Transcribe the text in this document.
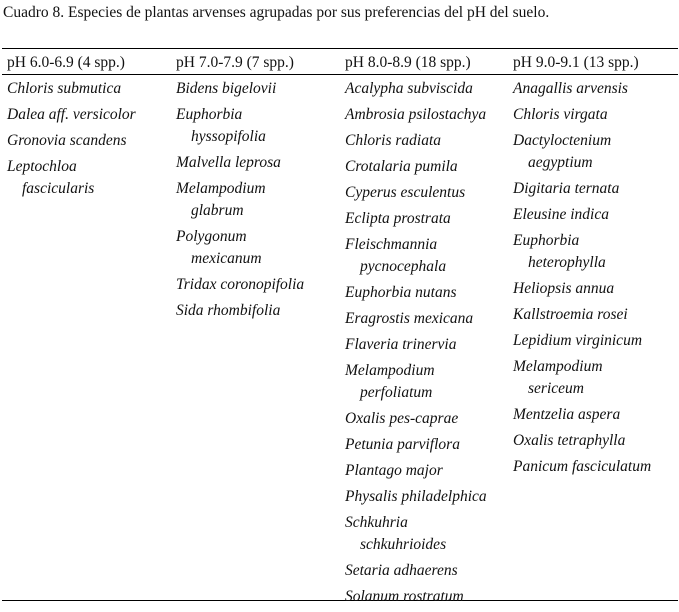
Cuadro 8. Especies de plantas arvenses agrupadas por sus preferencias del pH del suelo.
pH 6.0-6.9 (4 spp.)
Chloris submutica
Dalea aff. versicolor
Gronovia scandens
Leptochloa
fascicularis
pH 7.0-7.9 (7 spp.)
Bidens bigelovii
Euphorbia
hyssopifolia
Malvella leprosa
Melampodium
glabrum
Polygonum
mexicanum
Tridax coronopifolia
Sida rhombifolia
pH 8.0-8.9 (18 spp.)
Acalypha subviscida
Ambrosia psilostachya
Chloris radiata
Crotalaria pumila
Cyperus esculentus
Eclipta prostrata
Fleischmannia
pycnocephala
Euphorbia nutans
Eragrostis mexicana
Flaveria trinervia
Melampodium
perfoliatum
Oxalis pes-caprae
Petunia parviflora
Plantago major
Physalis philadelphica
Schkuhria
schkuhrioides
Setaria adhaerens
Solanum rostratum
pH 9.0-9.1 (13 spp.)
Anagallis arvensis
Chloris virgata
Dactyloctenium
aegyptium
Digitaria ternata
Eleusine indica
Euphorbia
heterophylla
Heliopsis annua
Kallstroemia rosei
Lepidium virginicum
Melampodium
sericeum
Mentzelia aspera
Oxalis tetraphylla
Panicum fasciculatum
